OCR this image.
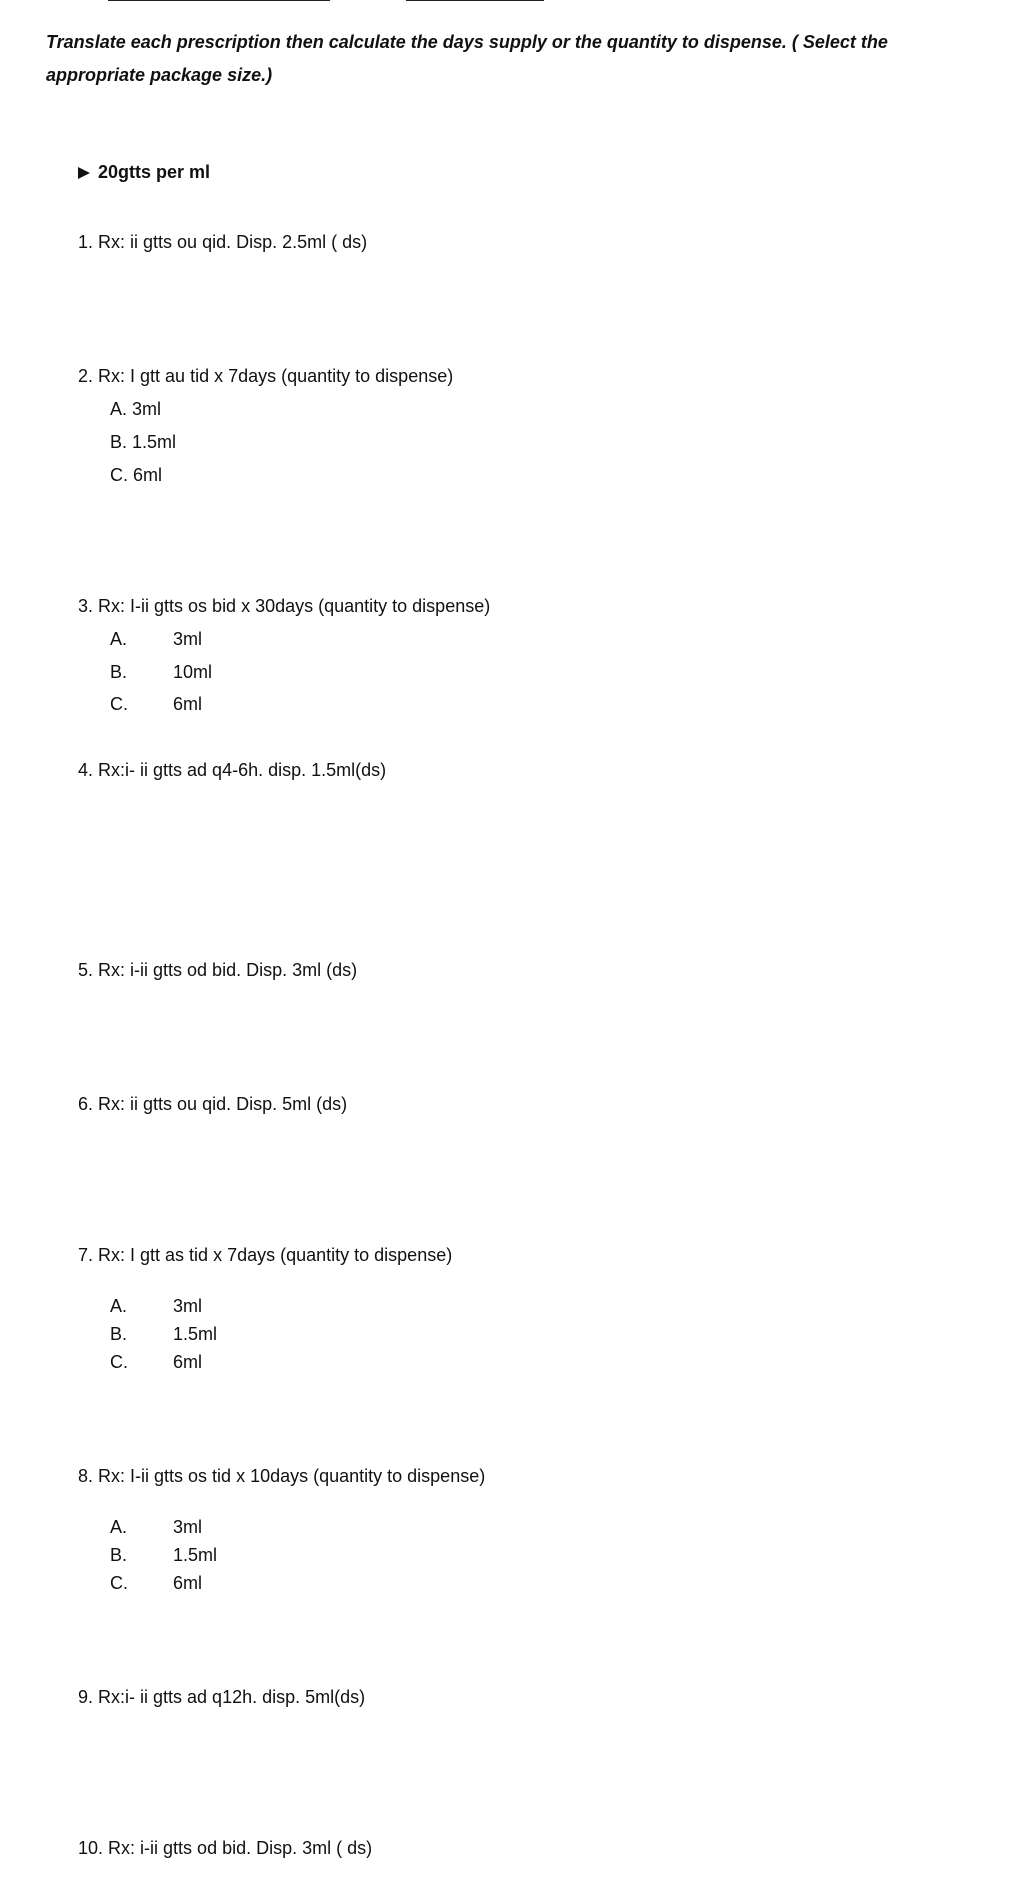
Translate each prescription then calculate the days supply or the quantity to dispense. ( Select the appropriate package size.)

20gtts per ml

1. Rx: ii gtts ou qid. Disp. 2.5ml ( ds)

2. Rx: I gtt au tid x 7days (quantity to dispense)

A. 3ml

B. 1.5ml

C. 6ml

3. Rx: I-ii gtts os bid x 30days (quantity to dispense)

A.	3ml

B.	10ml

C.	6ml

4. Rx:i- ii gtts ad q4-6h. disp. 1.5ml(ds)

5. Rx: i-ii gtts od bid. Disp. 3ml (ds)

6. Rx: ii gtts ou qid. Disp. 5ml (ds)

7. Rx: I gtt as tid x 7days (quantity to dispense)

A.	3ml

B.	1.5ml

C.	6ml

8. Rx: I-ii gtts os tid x 10days (quantity to dispense)

A.	3ml

B.	1.5ml

C.	6ml

9. Rx:i- ii gtts ad q12h. disp. 5ml(ds)

10. Rx: i-ii gtts od bid. Disp. 3ml ( ds)
